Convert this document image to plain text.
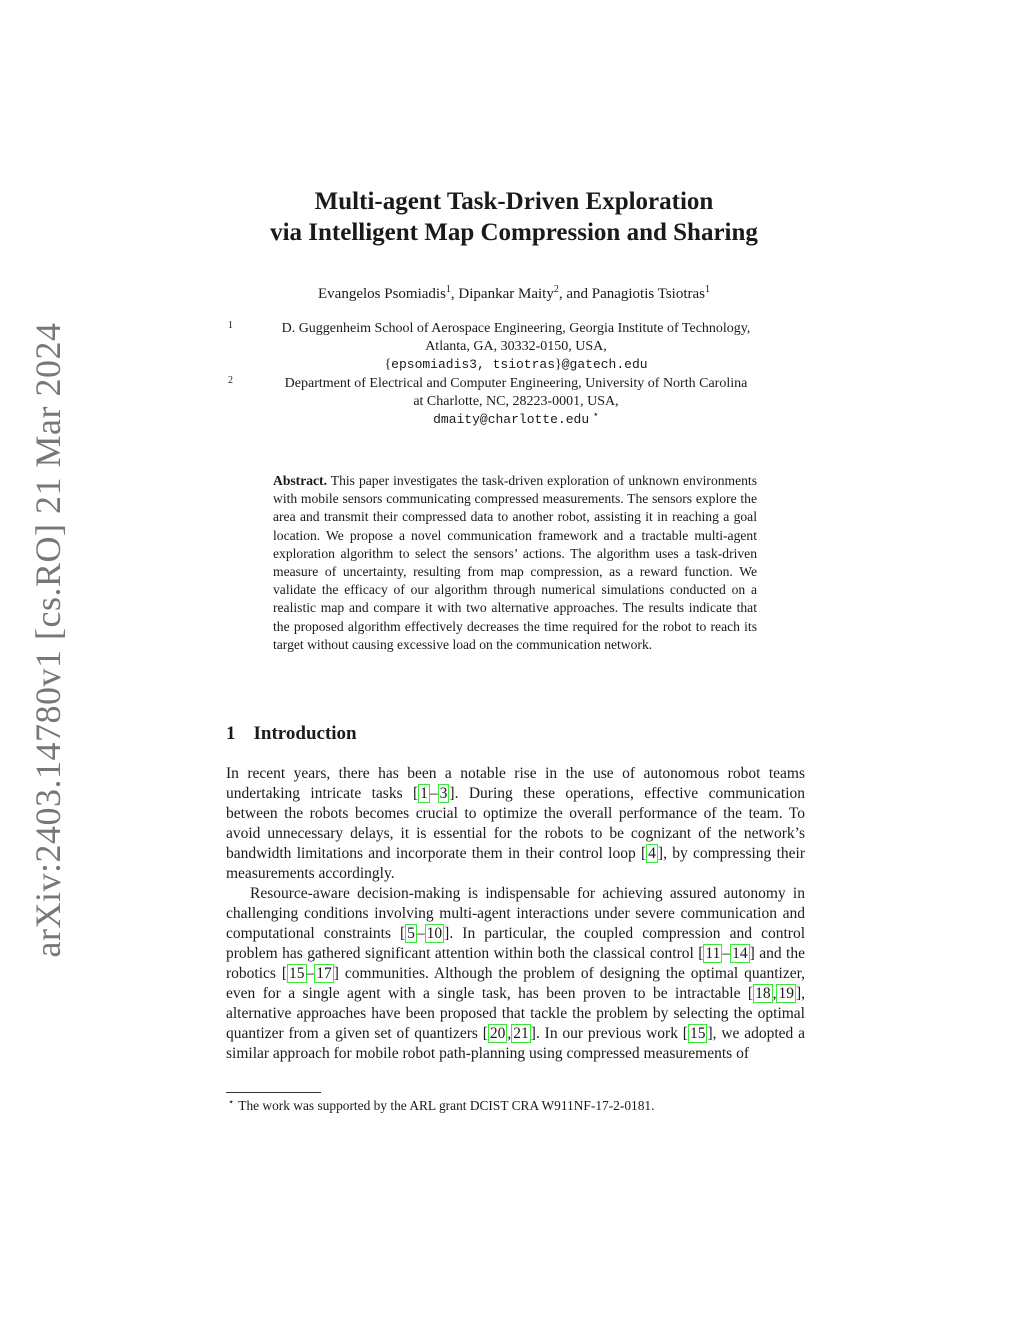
arXiv:2403.14780v1 [cs.RO] 21 Mar 2024
Multi-agent Task-Driven Exploration
via Intelligent Map Compression and Sharing
Evangelos Psomiadis$^1$, Dipankar Maity$^2$, and Panagiotis Tsiotras$^1$
1	D. Guggenheim School of Aerospace Engineering, Georgia Institute of Technology,
Atlanta, GA, 30332-0150, USA,
{epsomiadis3, tsiotras}@gatech.edu
2	Department of Electrical and Computer Engineering, University of North Carolina
at Charlotte, NC, 28223-0001, USA,
dmaity@charlotte.edu ⋆
Abstract. This paper investigates the task-driven exploration of unknown environments with mobile sensors communicating compressed measurements. The sensors explore the area and transmit their compressed data to another robot, assisting it in reaching a goal location. We propose a novel communication framework and a tractable multi-agent exploration algorithm to select the sensors’ actions. The algorithm uses a task-driven measure of uncertainty, resulting from map compression, as a reward function. We validate the efficacy of our algorithm through numerical simulations conducted on a realistic map and compare it with two alternative approaches. The results indicate that the proposed algorithm effectively decreases the time required for the robot to reach its target without causing excessive load on the communication network.
1 Introduction

In recent years, there has been a notable rise in the use of autonomous robot teams undertaking intricate tasks [ 1 – 3 ]. During these operations, effective communication between the robots becomes crucial to optimize the overall performance of the team. To avoid unnecessary delays, it is essential for the robots to be cognizant of the network’s bandwidth limitations and incorporate them in their control loop [ 4 ], by compressing their measurements accordingly.

Resource-aware decision-making is indispensable for achieving assured autonomy in challenging conditions involving multi-agent interactions under severe communication and computational constraints [ 5 – 10 ]. In particular, the coupled compression and control problem has gathered significant attention within both the classical control [ 11 – 14 ] and the robotics [ 15 – 17 ] communities. Although the problem of designing the optimal quantizer, even for a single agent with a single task, has been proven to be intractable [ 18 , 19 ], alternative approaches have been proposed that tackle the problem by selecting the optimal quantizer from a given set of quantizers [ 20 , 21 ]. In our previous work [ 15 ], we adopted a similar approach for mobile robot path-planning using compressed measurements of

⋆ The work was supported by the ARL grant DCIST CRA W911NF-17-2-0181.
